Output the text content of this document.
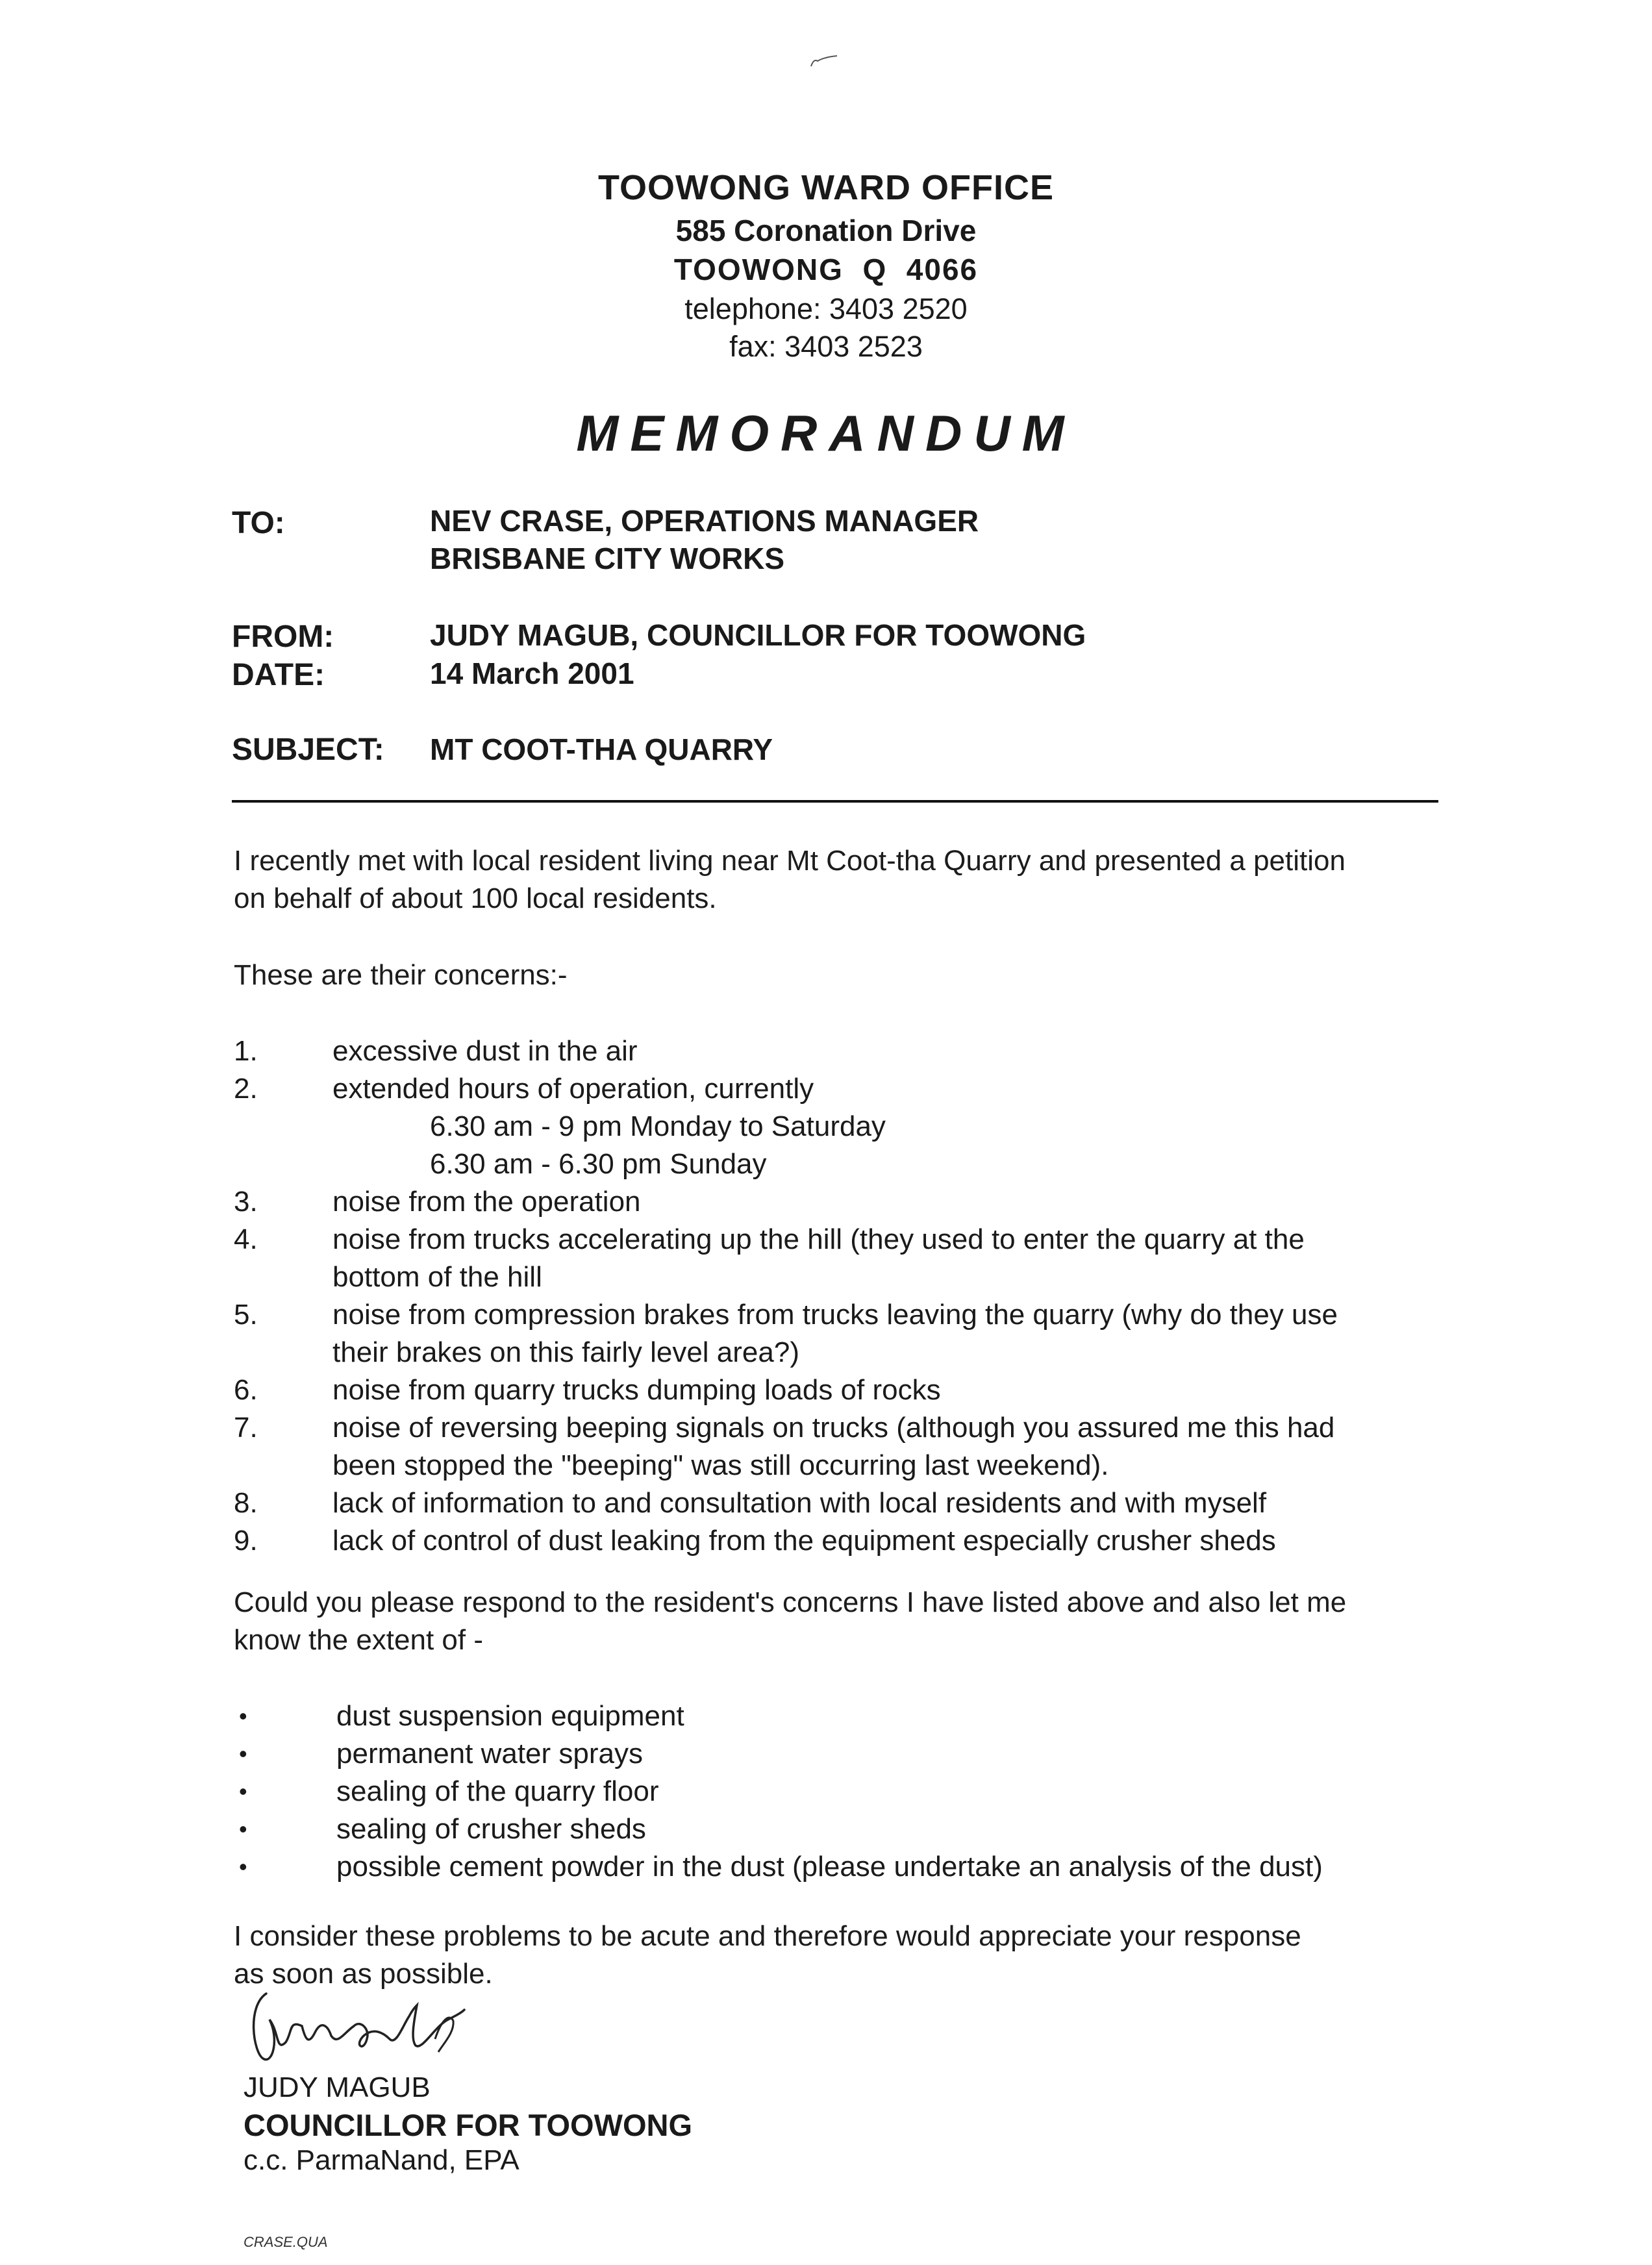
TOOWONG WARD OFFICE
585 Coronation Drive
TOOWONG  Q  4066
telephone: 3403 2520
fax: 3403 2523
MEMORANDUM
TO:	NEV CRASE, OPERATIONS MANAGER
BRISBANE CITY WORKS
FROM:	JUDY MAGUB, COUNCILLOR FOR TOOWONG
DATE:	14 March 2001
SUBJECT: MT COOT-THA QUARRY
I recently met with local resident living near Mt Coot-tha Quarry and presented a petition
on behalf of about 100 local residents.
These are their concerns:-
1.	excessive dust in the air
2.	extended hours of operation, currently
6.30 am - 9 pm Monday to Saturday
6.30 am - 6.30 pm Sunday
3.	noise from the operation
4.	noise from trucks accelerating up the hill (they used to enter the quarry at the
bottom of the hill
5.	noise from compression brakes from trucks leaving the quarry (why do they use
their brakes on this fairly level area?)
6.	noise from quarry trucks dumping loads of rocks
7.	noise of reversing beeping signals on trucks (although you assured me this had
been stopped the "beeping" was still occurring last weekend).
8.	lack of information to and consultation with local residents and with myself
9.	lack of control of dust leaking from the equipment especially crusher sheds
Could you please respond to the resident's concerns I have listed above and also let me
know the extent of -
•	dust suspension equipment
•	permanent water sprays
•	sealing of the quarry floor
•	sealing of crusher sheds
•	possible cement powder in the dust (please undertake an analysis of the dust)
I consider these problems to be acute and therefore would appreciate your response
as soon as possible.
JUDY MAGUB
COUNCILLOR FOR TOOWONG
c.c. ParmaNand, EPA
CRASE.QUA
